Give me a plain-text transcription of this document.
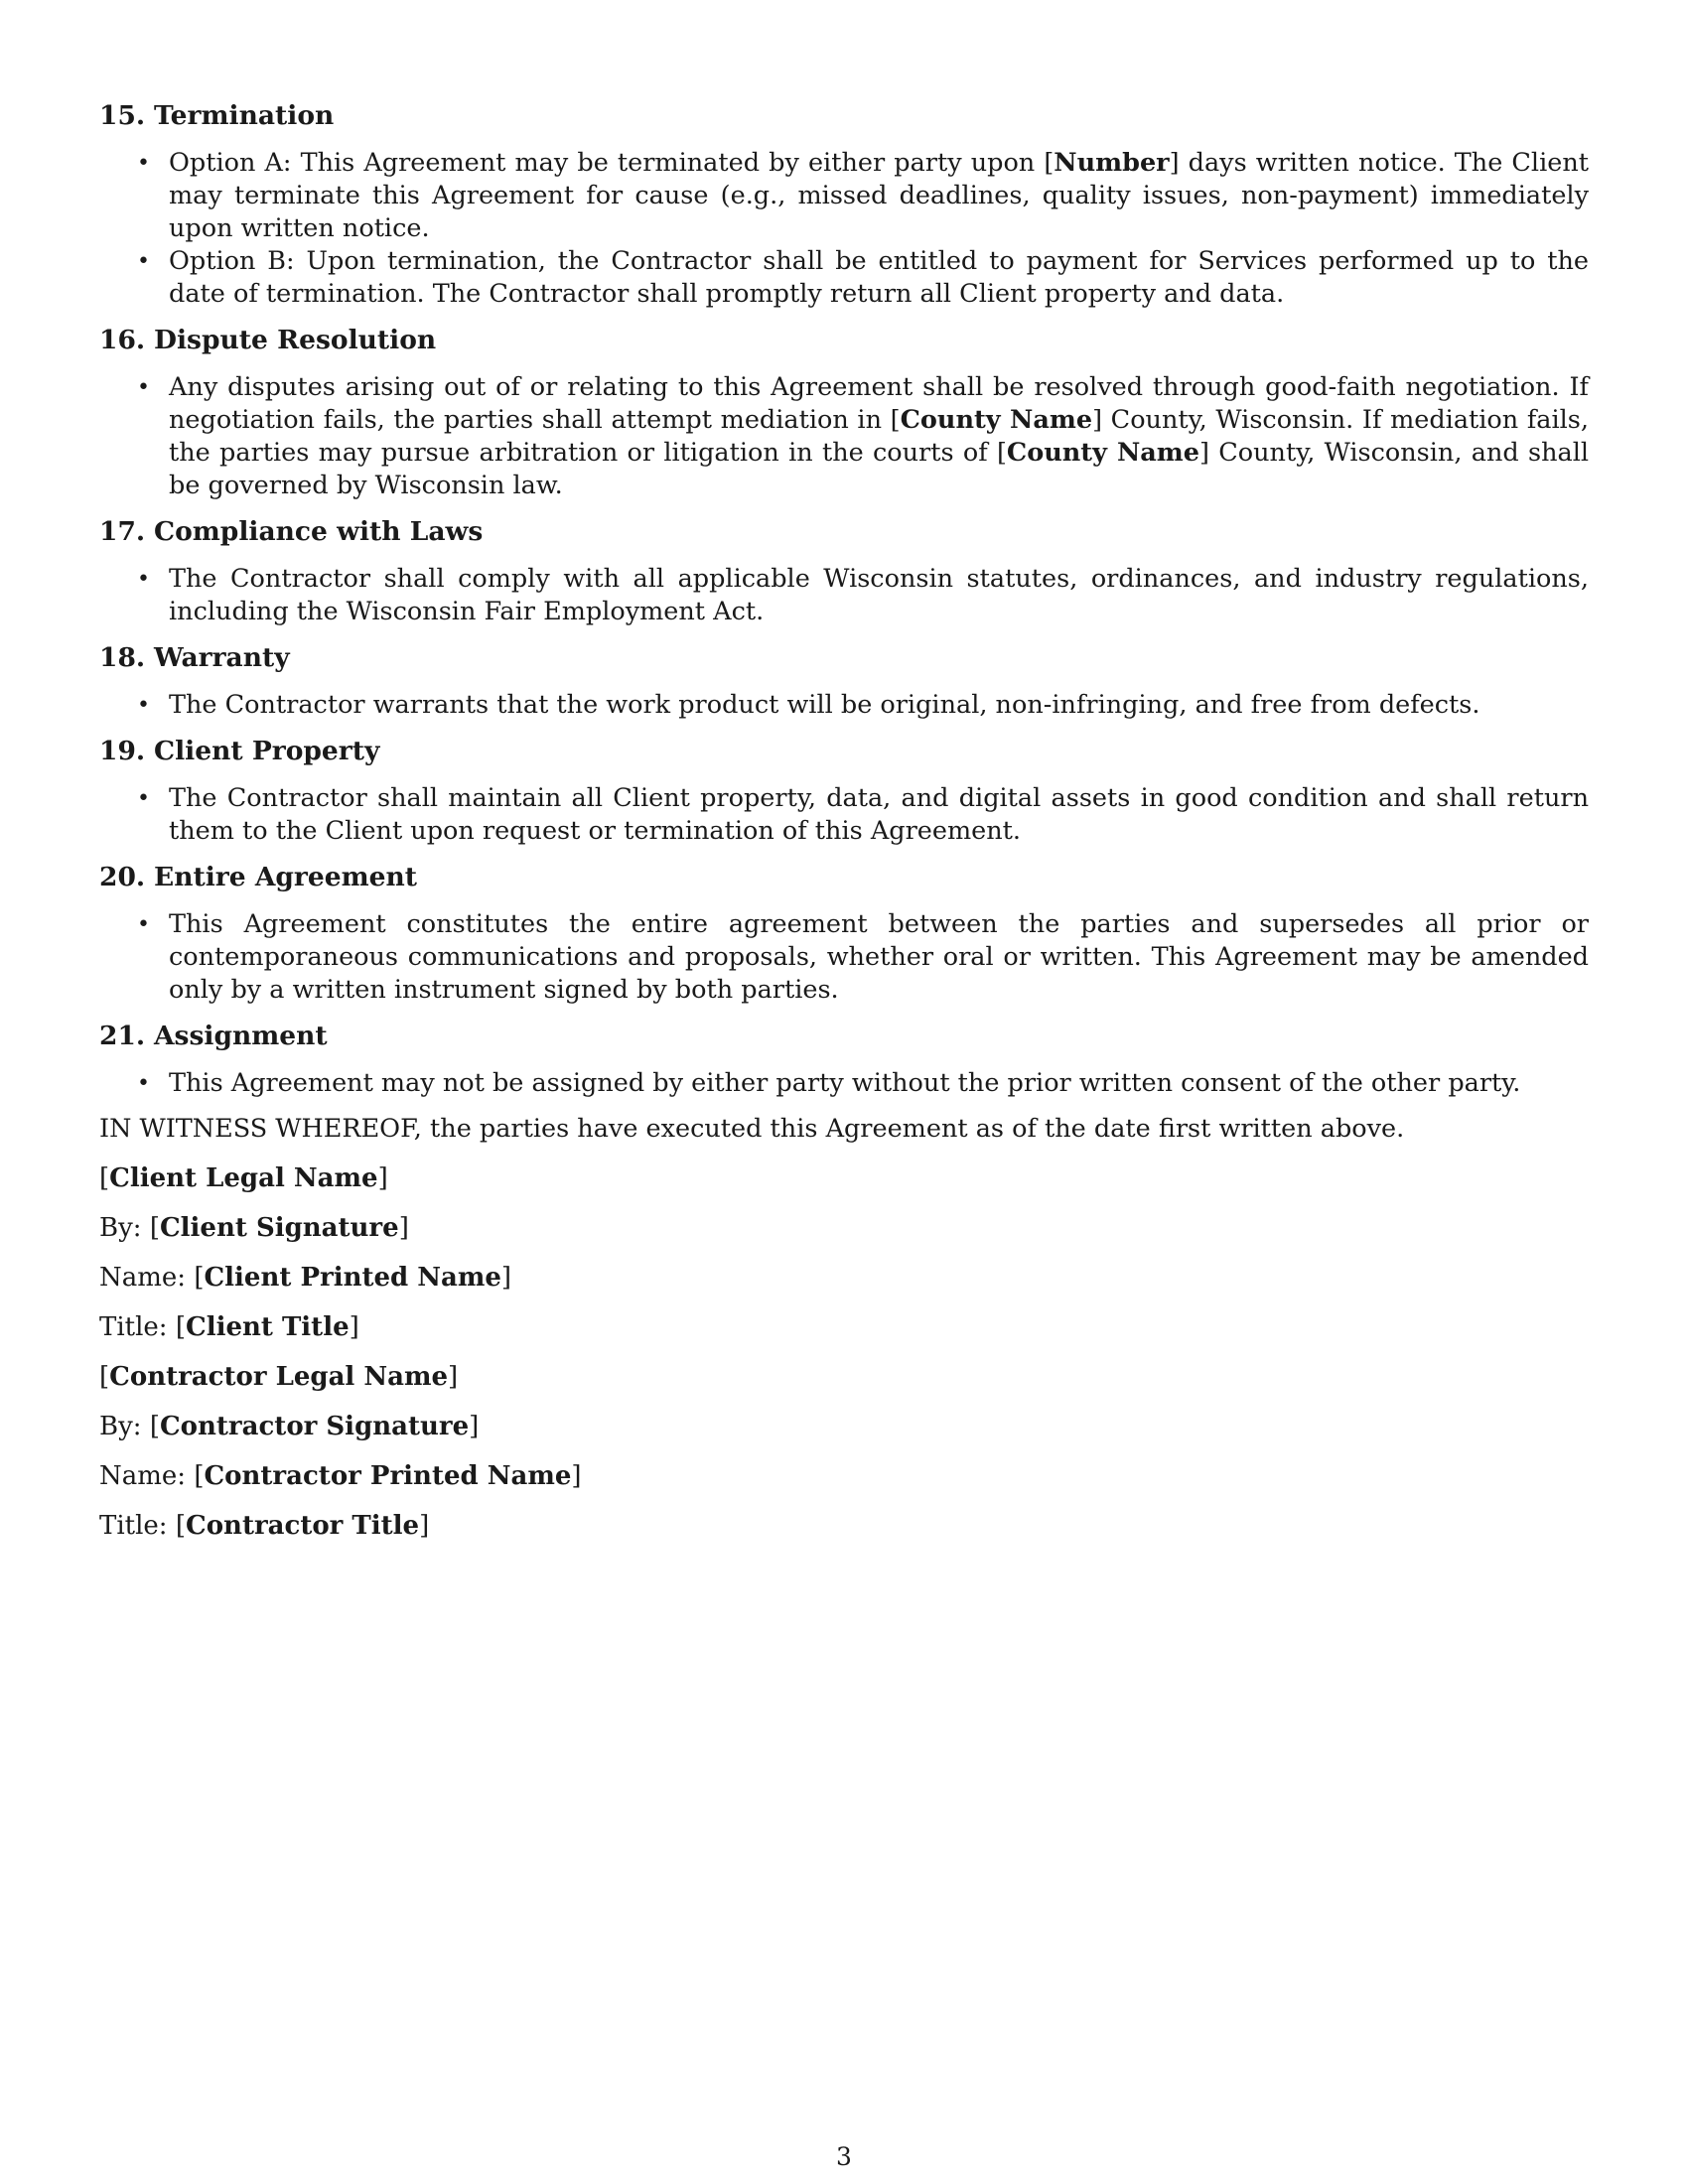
15. Termination
• Option A: This Agreement may be terminated by either party upon [Number] days written notice. The Client may terminate this Agreement for cause (e.g., missed deadlines, quality issues, non-payment) immediately upon written notice.
• Option B: Upon termination, the Contractor shall be entitled to payment for Services performed up to the date of termination. The Contractor shall promptly return all Client property and data.
16. Dispute Resolution
• Any disputes arising out of or relating to this Agreement shall be resolved through good-faith negotiation. If negotiation fails, the parties shall attempt mediation in [County Name] County, Wisconsin. If mediation fails, the parties may pursue arbitration or litigation in the courts of [County Name] County, Wisconsin, and shall be governed by Wisconsin law.
17. Compliance with Laws
• The Contractor shall comply with all applicable Wisconsin statutes, ordinances, and industry regulations, including the Wisconsin Fair Employment Act.
18. Warranty
• The Contractor warrants that the work product will be original, non-infringing, and free from defects.
19. Client Property
• The Contractor shall maintain all Client property, data, and digital assets in good condition and shall return them to the Client upon request or termination of this Agreement.
20. Entire Agreement
• This Agreement constitutes the entire agreement between the parties and supersedes all prior or contemporaneous communications and proposals, whether oral or written. This Agreement may be amended only by a written instrument signed by both parties.
21. Assignment
• This Agreement may not be assigned by either party without the prior written consent of the other party.

IN WITNESS WHEREOF, the parties have executed this Agreement as of the date first written above.

[Client Legal Name]

By: [Client Signature]

Name: [Client Printed Name]

Title: [Client Title]

[Contractor Legal Name]

By: [Contractor Signature]

Name: [Contractor Printed Name]

Title: [Contractor Title]

3
